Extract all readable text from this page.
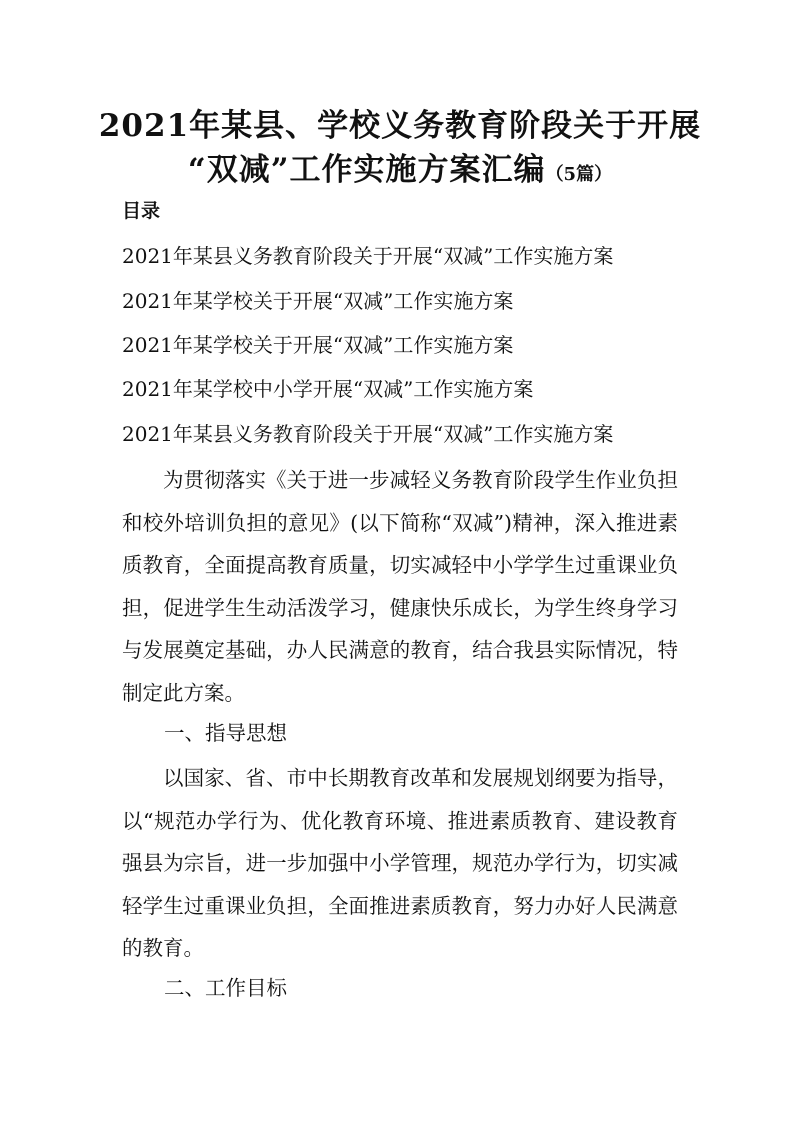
2021年某县、学校义务教育阶段关于开展
“双减”工作实施方案汇编（5篇）
目录
2021年某县义务教育阶段关于开展“双减”工作实施方案
2021年某学校关于开展“双减”工作实施方案
2021年某学校关于开展“双减”工作实施方案
2021年某学校中小学开展“双减”工作实施方案
2021年某县义务教育阶段关于开展“双减”工作实施方案
为贯彻落实《关于进一步减轻义务教育阶段学生作业负担和校外培训负担的意见》(以下简称“双减”)精神，深入推进素质教育，全面提高教育质量，切实减轻中小学学生过重课业负担，促进学生生动活泼学习，健康快乐成长，为学生终身学习与发展奠定基础，办人民满意的教育，结合我县实际情况，特制定此方案。
一、指导思想
以国家、省、市中长期教育改革和发展规划纲要为指导，以“规范办学行为、优化教育环境、推进素质教育、建设教育强县为宗旨，进一步加强中小学管理，规范办学行为，切实减轻学生过重课业负担，全面推进素质教育，努力办好人民满意的教育。
二、工作目标
